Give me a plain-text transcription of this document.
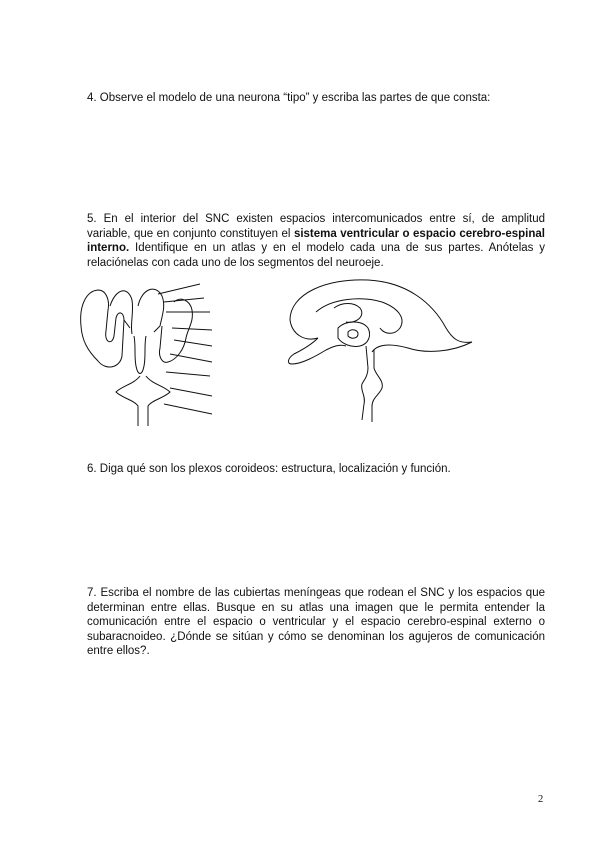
4. Observe el modelo de una neurona “tipo” y escriba las partes de que consta:
5. En el interior del SNC existen espacios intercomunicados entre sí, de amplitud variable, que en conjunto constituyen el sistema ventricular o espacio cerebro-espinal interno. Identifique en un atlas y en el modelo cada una de sus partes. Anótelas y relaciónelas con cada uno de los segmentos del neuroeje.
6. Diga qué son los plexos coroideos: estructura, localización y función.
7. Escriba el nombre de las cubiertas meníngeas que rodean el SNC y los espacios que determinan entre ellas. Busque en su atlas una imagen que le permita entender la comunicación entre el espacio o ventricular y el espacio cerebro-espinal externo o subaracnoideo. ¿Dónde se sitúan y cómo se denominan los agujeros de comunicación entre ellos?.
2
